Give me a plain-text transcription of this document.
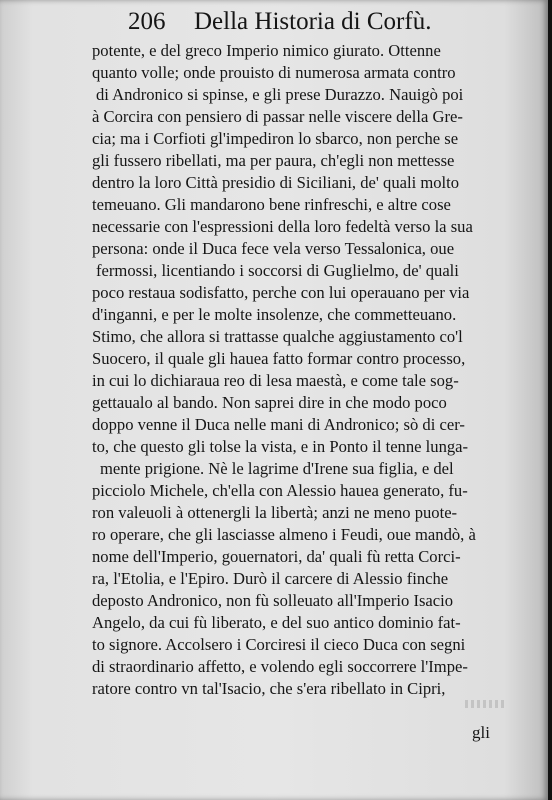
206 Della Historia di Corfù.
potente, e del greco Imperio nimico giurato. Ottenne
quanto volle; onde prouisto di numerosa armata contro
di Andronico si spinse, e gli prese Durazzo. Nauigò poi
à Corcira con pensiero di passar nelle viscere della Gre-
cia; ma i Corfioti gl'impediron lo sbarco, non perche se
gli fussero ribellati, ma per paura, ch'egli non mettesse
dentro la loro Città presidio di Siciliani, de' quali molto
temeuano. Gli mandarono bene rinfreschi, e altre cose
necessarie con l'espressioni della loro fedeltà verso la sua
persona: onde il Duca fece vela verso Tessalonica, oue
fermossi, licentiando i soccorsi di Guglielmo, de' quali
poco restaua sodisfatto, perche con lui operauano per via
d'inganni, e per le molte insolenze, che commetteuano.
Stimo, che allora si trattasse qualche aggiustamento co'l
Suocero, il quale gli hauea fatto formar contro processo,
in cui lo dichiaraua reo di lesa maestà, e come tale sog-
gettaualo al bando. Non saprei dire in che modo poco
doppo venne il Duca nelle mani di Andronico; sò di cer-
to, che questo gli tolse la vista, e in Ponto il tenne lunga-
mente prigione. Nè le lagrime d'Irene sua figlia, e del
picciolo Michele, ch'ella con Alessio hauea generato, fu-
ron valeuoli à ottenergli la libertà; anzi ne meno puote-
ro operare, che gli lasciasse almeno i Feudi, oue mandò, à
nome dell'Imperio, gouernatori, da' quali fù retta Corci-
ra, l'Etolia, e l'Epiro. Durò il carcere di Alessio finche
deposto Andronico, non fù solleuato all'Imperio Isacio
Angelo, da cui fù liberato, e del suo antico dominio fat-
to signore. Accolsero i Corciresi il cieco Duca con segni
di straordinario affetto, e volendo egli soccorrere l'Impe-
ratore contro vn tal'Isacio, che s'era ribellato in Cipri,
gli
